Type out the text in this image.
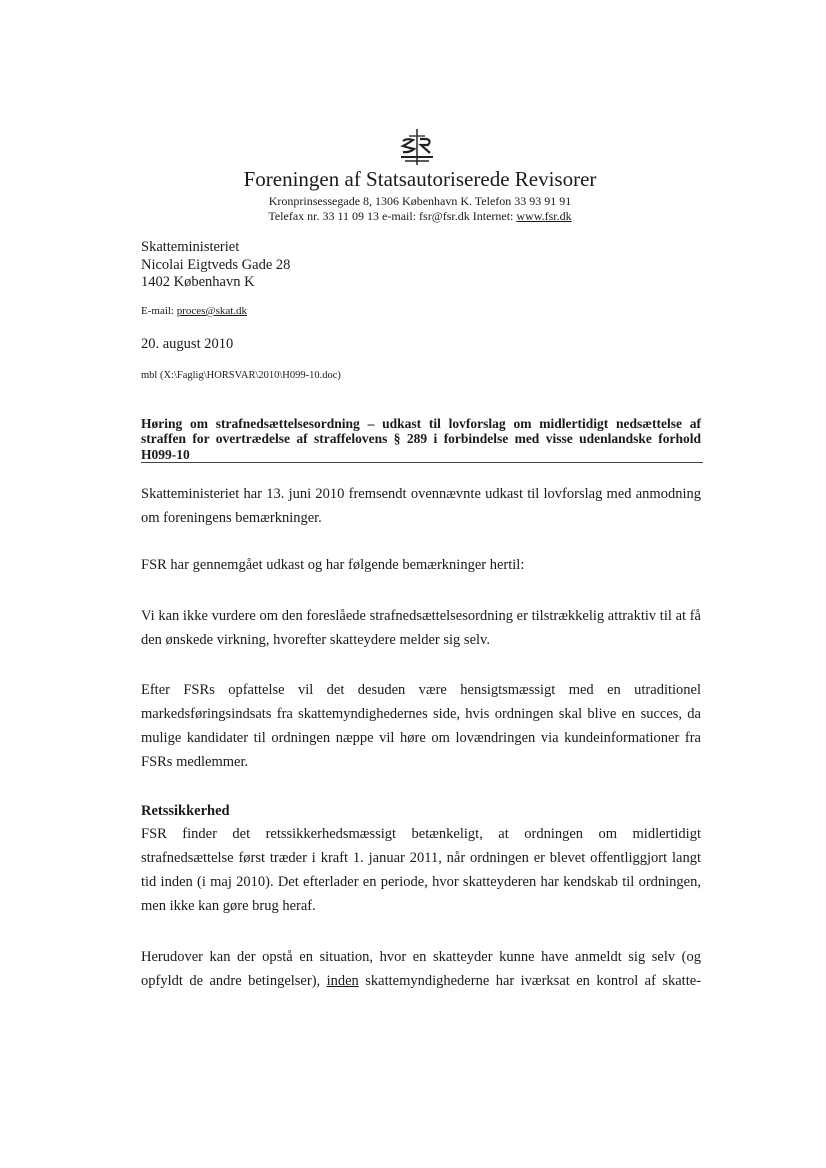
Foreningen af Statsautoriserede Revisorer
Kronprinsessegade 8, 1306 København K. Telefon 33 93 91 91
Telefax nr. 33 11 09 13 e-mail: fsr@fsr.dk Internet: www.fsr.dk
Skatteministeriet
Nicolai Eigtveds Gade 28
1402 København K
E-mail: proces@skat.dk
20. august 2010
mbl (X:\Faglig\HORSVAR\2010\H099-10.doc)
Høring om strafnedsættelsesordning – udkast til lovforslag om midlertidigt nedsættelse af straffen for overtrædelse af straffelovens § 289 i forbindelse med visse udenlandske forhold H099-10
Skatteministeriet har 13. juni 2010 fremsendt ovennævnte udkast til lovforslag med anmodning om foreningens bemærkninger.
FSR har gennemgået udkast og har følgende bemærkninger hertil:
Vi kan ikke vurdere om den foreslåede strafnedsættelsesordning er tilstrækkelig attraktiv til at få den ønskede virkning, hvorefter skatteydere melder sig selv.
Efter FSRs opfattelse vil det desuden være hensigtsmæssigt med en utraditionel markedsføringsindsats fra skattemyndighedernes side, hvis ordningen skal blive en succes, da mulige kandidater til ordningen næppe vil høre om lovændringen via kundeinformationer fra FSRs medlemmer.
Retssikkerhed
FSR finder det retssikkerhedsmæssigt betænkeligt, at ordningen om midlertidigt strafnedsættelse først træder i kraft 1. januar 2011, når ordningen er blevet offentliggjort langt tid inden (i maj 2010). Det efterlader en periode, hvor skatteyderen har kendskab til ordningen, men ikke kan gøre brug heraf.
Herudover kan der opstå en situation, hvor en skatteyder kunne have anmeldt sig selv (og opfyldt de andre betingelser), inden skattemyndighederne har iværksat en kontrol af skatte-
